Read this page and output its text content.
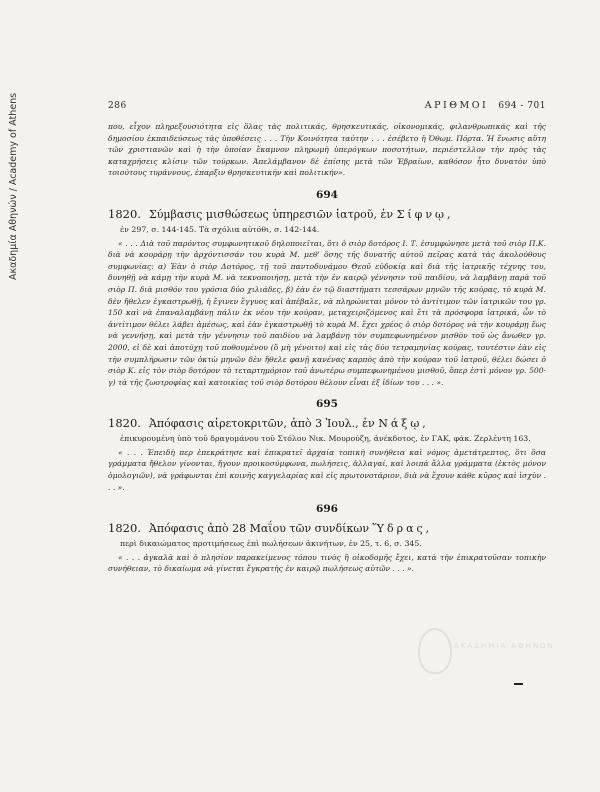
Ακαδημία Αθηνών / Academy of Athens	286	ΑΡΙΘΜΟΙ 694 - 701

που, εἶχον πληρεξουσιότητα εἰς ὅλας τὰς πολιτικάς, θρησκευτικάς, οἰκονομικάς, φιλανθρωπικάς καὶ τῆς δημοσίου ἐκπαιδεύσεως τὰς ὑποθέσεις . . . Τὴν Κοινότητα ταύτην . . . ἐσέβετο ἡ Ὀθωμ. Πόρτα. Ἡ ἕνωσις αὕτη τῶν χριστιανῶν καὶ ἡ τὴν ὁποίαν ἔκαμνον πληρωμὴ ὑπερόγκων ποσοτήτων, περιέστελλον τὴν πρὸς τὰς καταχρήσεις κλίσιν τῶν τούρκων. Ἀπελάμβανον δὲ ἐπίσης μετὰ τῶν Ἑβραίων, καθόσον ἦτο δυνατὸν ὑπὸ τοιούτους τυράννους, ἐπαρξιν θρησκευτικὴν καὶ πολιτικήν».

694
1820. Σύμβασις μισθώσεως ὑπηρεσιῶν ἰατροῦ, ἐν Σίφνῳ,
ἐν 297, σ. 144-145. Τὰ σχόλια αὐτόθι, σ. 142-144.

« . . . Διὰ τοῦ παρόντος συμφωνητικοῦ δηλοποιεῖται, ὅτι ὁ σιὸρ δοτόρος Ι. Τ. ἐσυμφώνησε μετὰ τοῦ σιὸρ Π.Κ. διὰ νὰ κουράρῃ τὴν ἀρχόντισσάν του κυρὰ Μ. μεθ' ὅσης τῆς δυνατῆς αὐτοῦ πεῖρας κατὰ τὰς ἀκολούθους συμφωνίας: α) Ἐὰν ὁ σιὸρ Δοτόρος, τῇ τοῦ παντοδυνάμου Θεοῦ εὐδοκίᾳ καὶ διὰ τῆς ἰατρικῆς τέχνης του, δυνηθῇ νὰ κάμῃ τὴν κυρὰ Μ. νὰ τεκνοποιήσῃ, μετὰ τὴν ἐν καιρῷ γέννησιν τοῦ παιδίου, νὰ λαμβάνῃ παρὰ τοῦ σιὸρ Π. διὰ μισθόν του γρόσια δύο χιλιάδες, β) ἐὰν ἐν τῷ διαστήματι τεσσάρων μηνῶν τῆς κούρας, τὸ κυρὰ Μ. δὲν ἤθελεν ἐγκαστρωθῇ, ἡ ἔγινεν ἔγγυος καὶ ἀπέβαλε, νὰ πληρώνεται μόνον τὸ ἀντίτιμον τῶν ἰατρικῶν του γρ. 150 καὶ νὰ ἐπαναλαμβάνῃ πάλιν ἐκ νέου τὴν κούραν, μεταχειριζόμενος καὶ ἔτι τὰ πρόσφορα ἰατρικά, ὧν τὸ ἀντίτιμον θέλει λάβει ἀμέσως, καὶ ἐὰν ἐγκαστρωθῇ τὸ κυρὰ Μ. ἔχει χρέος ὁ σιὸρ δοτόρος νὰ τὴν κουράρῃ ἕως νὰ γεννήσῃ, καὶ μετὰ τὴν γέννησιν τοῦ παιδίου νὰ λαμβάνῃ τὸν συμπεφωνημένον μισθὸν τοῦ ὡς ἄνωθεν γρ. 2000, εἰ δὲ καὶ ἀποτύχῃ τοῦ ποθουμένου (ὅ μὴ γένοιτο) καὶ εἰς τὰς δύο τετραμηνίας κούρας, τουτέστιν ἐὰν εἰς τὴν συμπλήρωσιν τῶν ὀκτὼ μηνῶν δὲν ἤθελε φανῇ κανένας καρπὸς ἀπὸ τὴν κούραν τοῦ ἰατροῦ, θέλει δώσει ὁ σιὸρ Κ. εἰς τὸν σιὸρ δοτόρον τὸ τεταρτημόριον τοῦ ἀνωτέρω συμπεφωνημένου μισθοῦ, ὅπερ ἐστὶ μόνον γρ. 500· γ) τὰ τῆς ζωοτροφίας καὶ κατοικίας τοῦ σιὸρ δοτόρου θέλουν εἶναι ἐξ ἰδίων του . . . ».

695
1820. Ἀπόφασις αἱρετοκριτῶν, ἀπὸ 3 Ἰουλ., ἐν Νάξῳ,
ἐπικυρουμένη ὑπὸ τοῦ δραγομάνου τοῦ Στόλου Νικ. Μουρούζη, ἀνέκδοτος, ἐν ΓΑΚ, φάκ. Ζερλέντη 163.

« . . . Ἐπειδὴ περ ἐπεκράτησε καὶ ἐπικρατεῖ ἀρχαία τοπικὴ συνήθεια καὶ νόμος ἀμετάτρεπτος, ὅτι ὅσα γράμματα ἤθελον γίνονται, ἤγουν προικοσύμφωνα, πωλήσεις, ἀλλαγαί, καὶ λοιπὰ ἄλλα γράμματα (ἐκτὸς μόνον ὁμολογιῶν), νὰ γράφωνται ἐπὶ κοινῆς καγγελαρίας καὶ εἰς πρωτονοτάριον, διὰ νὰ ἔχουν κάθε κῦρος καὶ ἰσχὺν . . . ».

696
1820. Ἀπόφασις ἀπὸ 28 Μαΐου τῶν συνδίκων Ὕδρας,
περὶ δικαιώματος προτιμήσεως ἐπὶ πωλήσεων ἀκινήτων, ἐν 25, τ. 6, σ. 345.

« . . . ἀγκαλὰ καὶ ὁ πλησίον παρακείμενος τόπου τινὸς ἢ οἰκοδομῆς ἔχει, κατὰ τὴν ἐπικρατοῦσαν τοπικὴν συνήθειαν, τὸ δικαίωμα νὰ γίνεται ἔγκρατὴς ἐν καιρῷ πωλήσεως αὐτῶν . . . ».

ΑΚΑΔΗΜΙΑ ΑΘΗΝΩΝ
